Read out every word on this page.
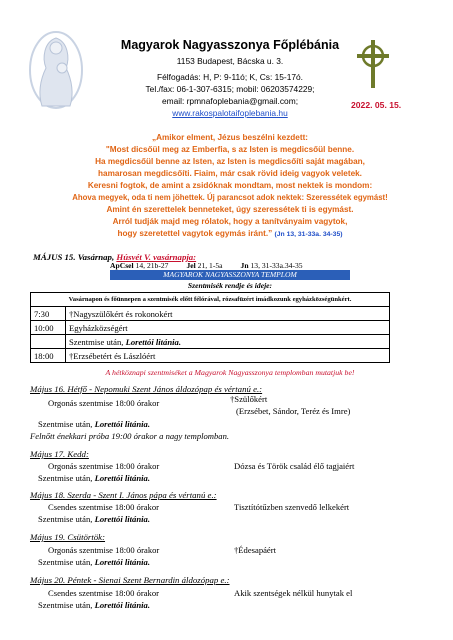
Magyarok Nagyasszonya Főplébánia
1153 Budapest, Bácska u. 3.
Félfogadás: H, P: 9-11ó; K, Cs: 15-17ó.
Tel./fax: 06-1-307-6315; mobil: 06203574229;
email: rpmnafoplebania@gmail.com;
www.rakospalotaifoplebania.hu
2022. 05. 15.
„Amikor elment, Jézus beszélni kezdett:
"Most dicsőül meg az Emberfia, s az Isten is megdicsőül benne.
Ha megdicsőül benne az Isten, az Isten is megdicsőíti saját magában,
hamarosan megdicsőíti. Fiaim, már csak rövid ideig vagyok veletek.
Keresni fogtok, de amint a zsidóknak mondtam, most nektek is mondom:
Ahova megyek, oda ti nem jöhettek. Új parancsot adok nektek: Szeressétek egymást!
Amint én szerettelek benneteket, úgy szeressétek ti is egymást.
Arról tudják majd meg rólatok, hogy a tanítványaim vagytok,
hogy szeretettel vagytok egymás iránt.” (Jn 13, 31-33a. 34-35)
MÁJUS 15. Vasárnap, Húsvét V. vasárnapja:
ApCsel 14, 21b-27 Jel 21, 1-5a Jn 13, 31-33a.34-35
MAGYAROK NAGYASSZONYA TEMPLOM
Szentmisék rendje és ideje:
Vasárnapon és főünnepen a szentmisék előtt félórával, rózsafüzért imádkozunk egyházközségünkért.	
7:30	†Nagyszülőkért és rokonokért
10:00	Egyházközségért
	Szentmise után, Lorettói litánia.
18:00	†Erzsébetért és Lászlóért
A hétköznapi szentmiséket a Magyarok Nagyasszonya templomban mutatjuk be!
Május 16. Hétfő - Nepomuki Szent János áldozópap és vértanú e.:
Orgonás szentmise 18:00 órakor	†Szülőkért
(Erzsébet, Sándor, Teréz és Imre)
Szentmise után, Lorettói litánia.
Felnőtt énekkari próba 19:00 órakor a nagy templomban.
Május 17. Kedd:
Orgonás szentmise 18:00 órakor	Dózsa és Török család élő tagjaiért
Szentmise után, Lorettói litánia.
Május 18. Szerda - Szent I. János pápa és vértanú e.:
Csendes szentmise 18:00 órakor	Tisztítótűzben szenvedő lelkekért
Szentmise után, Lorettói litánia.
Május 19. Csütörtök:
Orgonás szentmise 18:00 órakor	†Édesapáért
Szentmise után, Lorettói litánia.
Május 20. Péntek - Sienai Szent Bernardin áldozópap e.:
Csendes szentmise 18:00 órakor	Akik szentségek nélkül hunytak el
Szentmise után, Lorettói litánia.
